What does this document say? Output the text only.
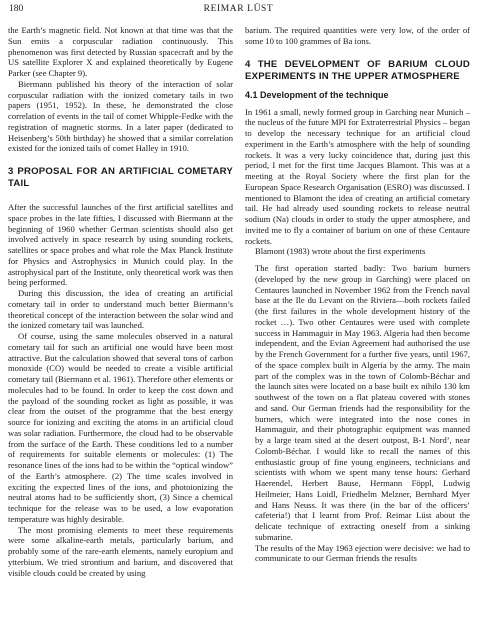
180	REIMAR LÜST

the Earth’s magnetic field. Not known at that time was that the Sun emits a corpuscular radiation continuously. This phenomenon was first detected by Russian spacecraft and by the US satellite Explorer X and explained theoretically by Eugene Parker (see Chapter 9).

Biermann published his theory of the interaction of solar corpuscular radiation with the ionized cometary tails in two papers (1951, 1952). In these, he demonstrated the close correlation of events in the tail of comet Whipple-Fedke with the registration of magnetic storms. In a later paper (dedicated to Heisenberg’s 50th birthday) he showed that a similar correlation existed for the ionized tails of comet Halley in 1910.

3 PROPOSAL FOR AN ARTIFICIAL COMETARY TAIL

After the successful launches of the first artificial satellites and space probes in the late fifties, I discussed with Biermann at the beginning of 1960 whether German scientists should also get involved actively in space research by using sounding rockets, satellites or space probes and what role the Max Planck Institute for Physics and Astrophysics in Munich could play. In the astrophysical part of the Institute, only theoretical work was then being performed.

During this discussion, the idea of creating an artificial cometary tail in order to understand much better Biermann’s theoretical concept of the interaction between the solar wind and the ionized cometary tail was launched.

Of course, using the same molecules observed in a natural cometary tail for such an artificial one would have been most attractive. But the calculation showed that several tons of carbon monoxide (CO) would be needed to create a visible artificial cometary tail (Biermann et al. 1961). Therefore other elements or molecules had to be found. In order to keep the cost down and the payload of the sounding rocket as light as possible, it was clear from the outset of the programme that the best energy source for ionizing and exciting the atoms in an artificial cloud was solar radiation. Furthermore, the cloud had to be observable from the surface of the Earth. These conditions led to a number of requirements for suitable elements or molecules: (1) The resonance lines of the ions had to be within the “optical window” of the Earth’s atmosphere. (2) The time scales involved in exciting the expected lines of the ions, and photoionizing the neutral atoms had to be sufficiently short, (3) Since a chemical technique for the release was to be used, a low evaporation temperature was highly desirable.

The most promising elements to meet these requirements were some alkaline-earth metals, particularly barium, and probably some of the rare-earth elements, namely europium and ytterbium. We tried strontium and barium, and discovered that visible clouds could be created by using

barium. The required quantities were very low, of the order of some 10 to 100 grammes of Ba ions.

4 THE DEVELOPMENT OF BARIUM CLOUD EXPERIMENTS IN THE UPPER ATMOSPHERE
4.1 Development of the technique

In 1961 a small, newly formed group in Garching near Munich – the nucleus of the future MPI for Extraterrestrial Physics – began to develop the necessary technique for an artificial cloud experiment in the Earth’s atmosphere with the help of sounding rockets. It was a very lucky coincidence that, during just this period, I met for the first time Jacques Blamont. This was at a meeting at the Royal Society where the first plan for the European Space Research Organisation (ESRO) was discussed. I mentioned to Blamont the idea of creating an artificial cometary tail. He had already used sounding rockets to release neutral sodium (Na) clouds in order to study the upper atmosphere, and invited me to fly a container of barium on one of these Centaure rockets.

Blamont (1983) wrote about the first experiments

The first operation started badly: Two barium burners (developed by the new group in Garching) were placed on Centaures launched in November 1962 from the French naval base at the Ile du Levant on the Riviera—both rockets failed (the first failures in the whole development history of the rocket …). Two other Centaures were used with complete success in Hammaguir in May 1963. Algeria had then become independent, and the Evian Agreement had authorised the use by the French Government for a further five years, until 1967, of the space complex built in Algeria by the army. The main part of the complex was in the town of Colomb-Béchar and the launch sites were located on a base built ex nihilo 130 km southwest of the town on a flat plateau covered with stones and sand. Our German friends had the responsibility for the burners, which were integrated into the nose cones in Hammaguir, and their photographic equipment was manned by a large team sited at the desert outpost, B-1 Nord’, near Colomb-Béchar. I would like to recall the names of this enthusiastic group of fine young engineers, technicians and scientists with whom we spent many tense hours: Gerhard Haerendel, Herbert Bause, Hermann Föppl, Ludwig Heilmeier, Hans Loidl, Friedhelm Melzner, Bernhard Myer and Hans Neuss. It was there (in the bar of the officers’ cafeteria!) that I learnt from Prof. Reimar Lüst about the delicate technique of extracting oneself from a sinking submarine.

The results of the May 1963 ejection were decisive: we had to communicate to our German friends the results
